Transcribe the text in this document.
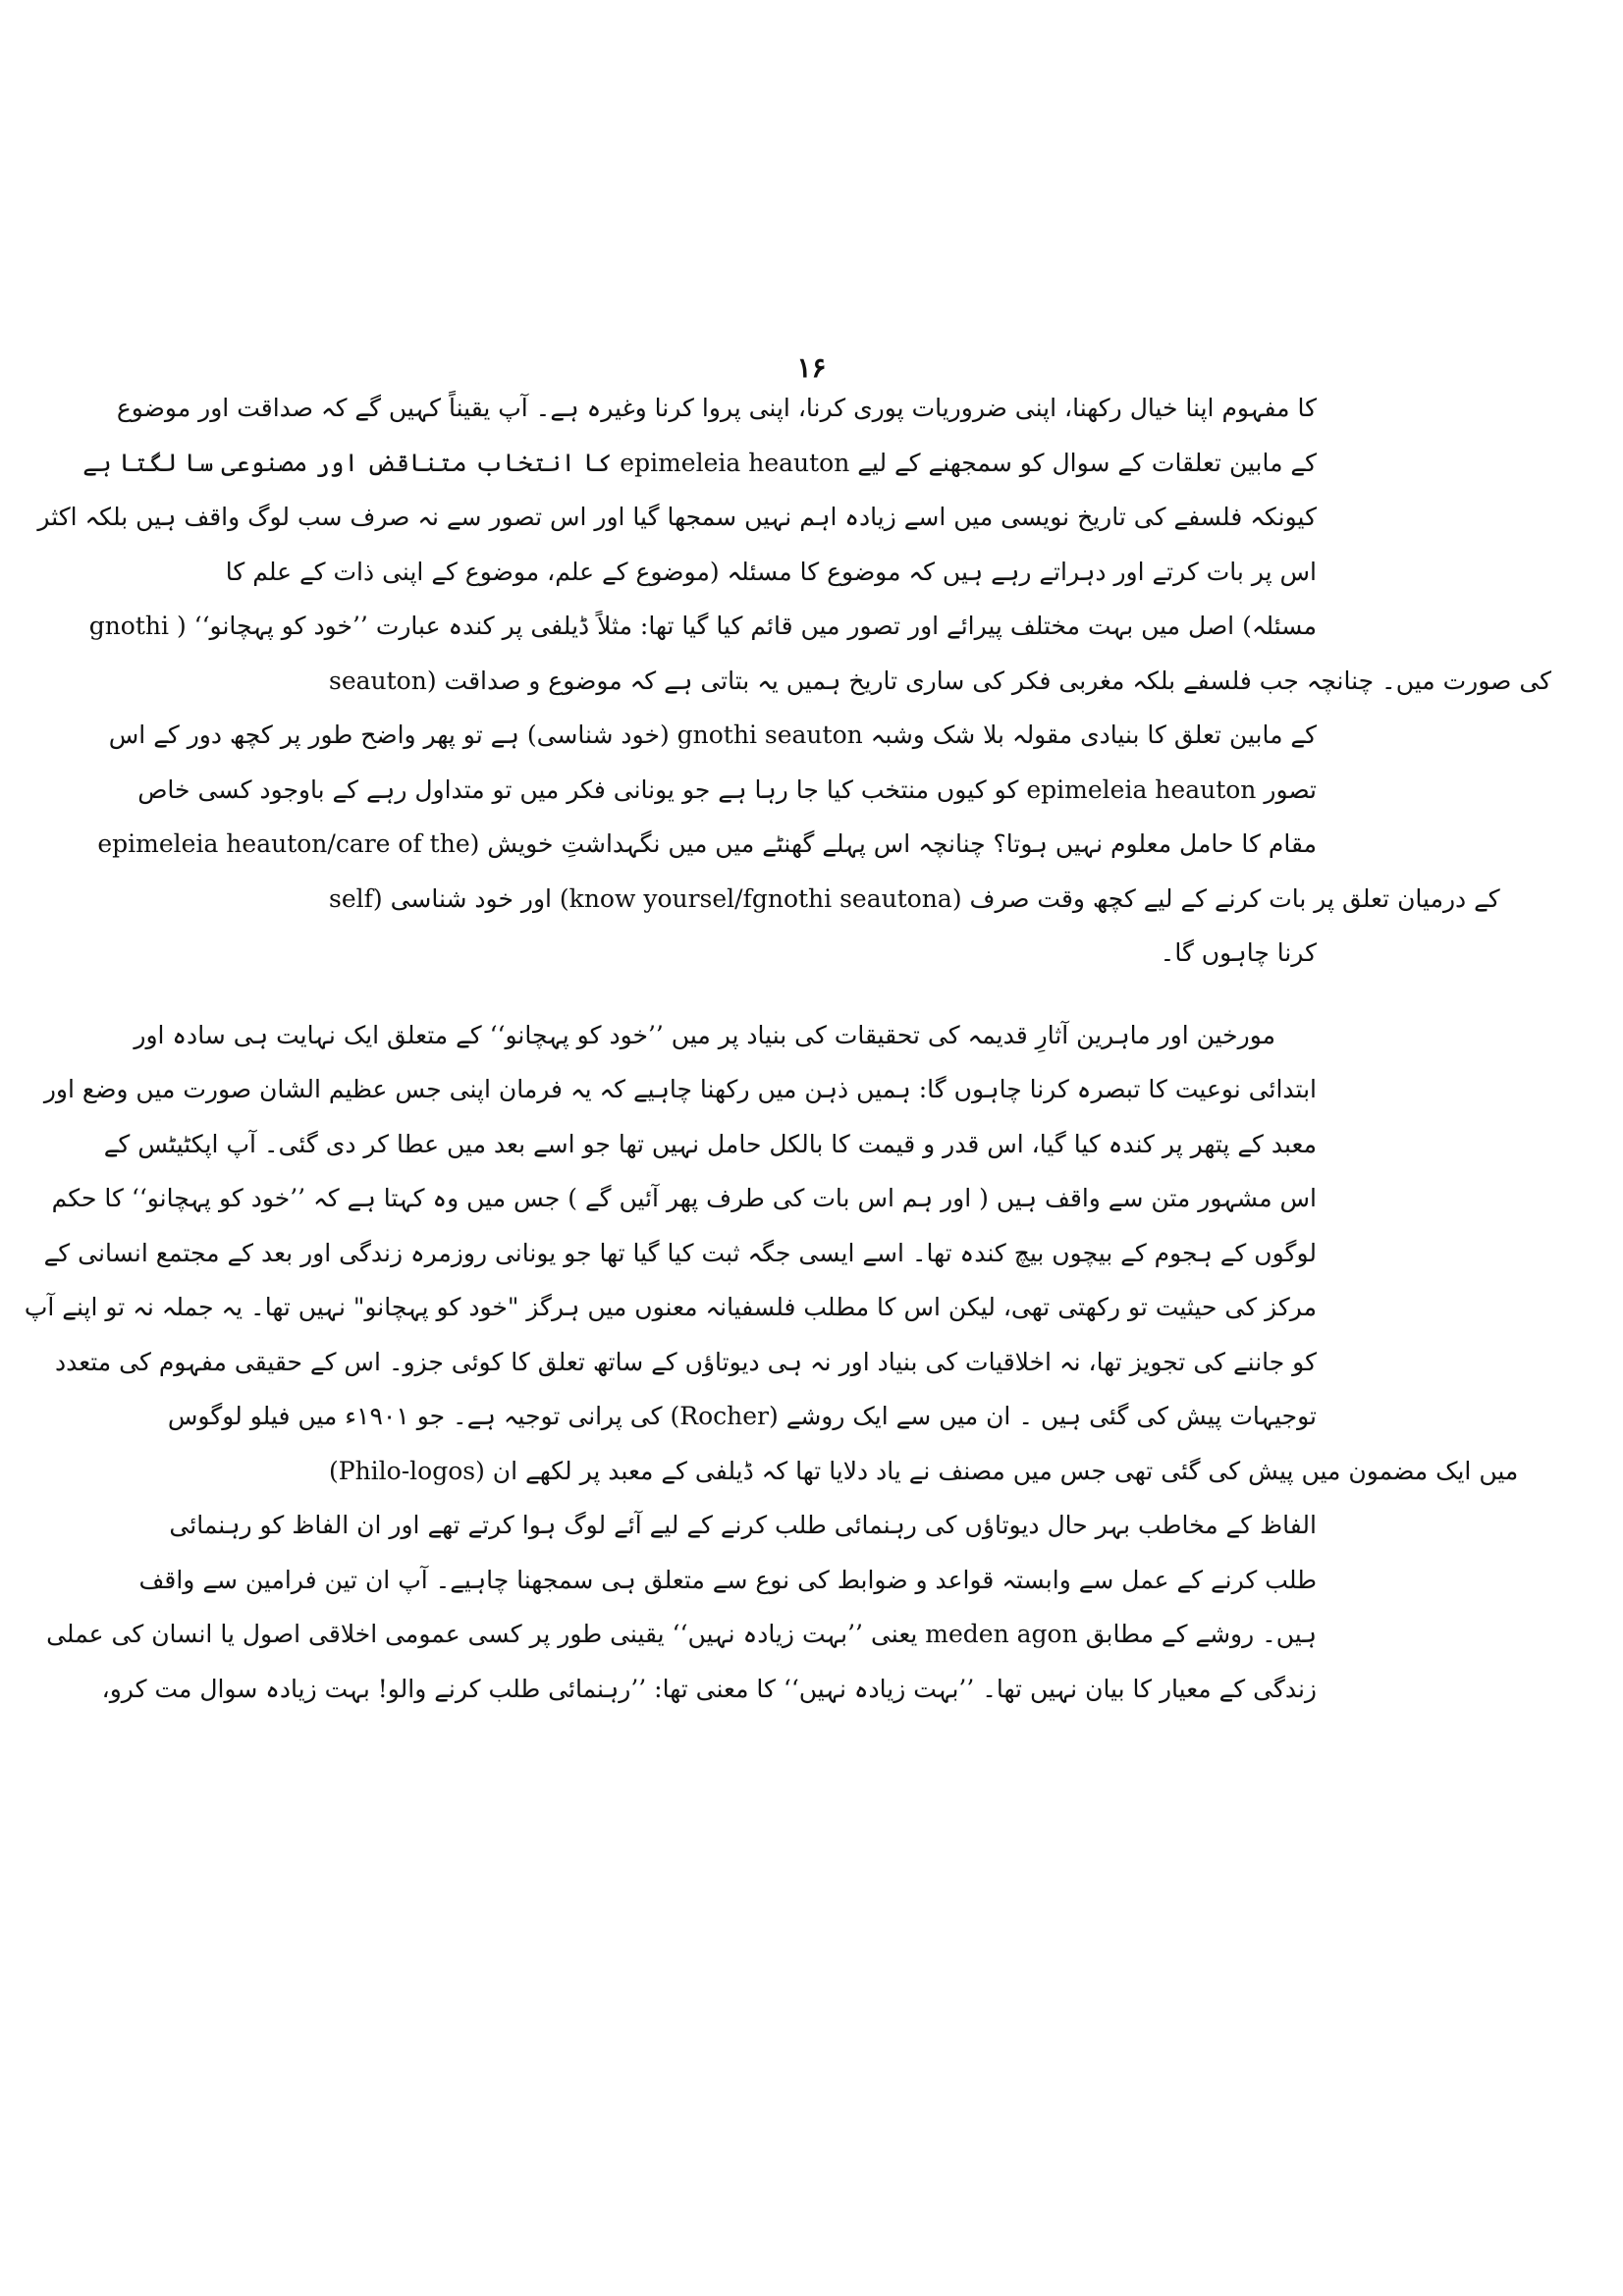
۱۶
کا مفہوم اپنا خیال رکھنا، اپنی ضروریات پوری کرنا، اپنی پروا کرنا وغیرہ ہے۔ آپ یقیناً کہیں گے کہ صداقت اور موضوع
کے مابین تعلقات کے سوال کو سمجھنے کے لیے epimeleia heauton کا انتخاب متناقض اور مصنوعی سا لگتا ہے
کیونکہ فلسفے کی تاریخ نویسی میں اسے زیادہ اہم نہیں سمجھا گیا اور اس تصور سے نہ صرف سب لوگ واقف ہیں بلکہ اکثر
اس پر بات کرتے اور دہراتے رہے ہیں کہ موضوع کا مسئلہ (موضوع کے علم، موضوع کے اپنی ذات کے علم کا
مسئلہ) اصل میں بہت مختلف پیرائے اور تصور میں قائم کیا گیا تھا: مثلاً ڈیلفی پر کندہ عبارت ’’خود کو پہچانو‘‘ ( gnothi
seauton) کی صورت میں۔ چنانچہ جب فلسفے بلکہ مغربی فکر کی ساری تاریخ ہمیں یہ بتاتی ہے کہ موضوع و صداقت
کے مابین تعلق کا بنیادی مقولہ بلا شک وشبہ gnothi seauton (خود شناسی) ہے تو پھر واضح طور پر کچھ دور کے اس
تصور epimeleia heauton کو کیوں منتخب کیا جا رہا ہے جو یونانی فکر میں تو متداول رہے کے باوجود کسی خاص
مقام کا حامل معلوم نہیں ہوتا؟ چنانچہ اس پہلے گھنٹے میں میں نگہداشتِ خویش (epimeleia heauton/care of the
self) اور خود شناسی (know yoursel/fgnothi seautona) کے درمیان تعلق پر بات کرنے کے لیے کچھ وقت صرف
کرنا چاہوں گا۔
مورخین اور ماہرین آثارِ قدیمہ کی تحقیقات کی بنیاد پر میں ’’خود کو پہچانو‘‘ کے متعلق ایک نہایت ہی سادہ اور
ابتدائی نوعیت کا تبصرہ کرنا چاہوں گا: ہمیں ذہن میں رکھنا چاہیے کہ یہ فرمان اپنی جس عظیم الشان صورت میں وضع اور
معبد کے پتھر پر کندہ کیا گیا، اس قدر و قیمت کا بالکل حامل نہیں تھا جو اسے بعد میں عطا کر دی گئی۔ آپ اپکٹیٹس کے
اس مشہور متن سے واقف ہیں ( اور ہم اس بات کی طرف پھر آئیں گے ) جس میں وہ کہتا ہے کہ ’’خود کو پہچانو‘‘ کا حکم
لوگوں کے ہجوم کے بیچوں بیچ کندہ تھا۔ اسے ایسی جگہ ثبت کیا گیا تھا جو یونانی روزمرہ زندگی اور بعد کے مجتمع انسانی کے
مرکز کی حیثیت تو رکھتی تھی، لیکن اس کا مطلب فلسفیانہ معنوں میں ہرگز "خود کو پہچانو" نہیں تھا۔ یہ جملہ نہ تو اپنے آپ
کو جاننے کی تجویز تھا، نہ اخلاقیات کی بنیاد اور نہ ہی دیوتاؤں کے ساتھ تعلق کا کوئی جزو۔ اس کے حقیقی مفہوم کی متعدد
توجیہات پیش کی گئی ہیں ۔ ان میں سے ایک روشے (Rocher) کی پرانی توجیہ ہے۔ جو ۱۹۰۱ء میں فیلو لوگوس
(Philo-logos) میں ایک مضمون میں پیش کی گئی تھی جس میں مصنف نے یاد دلایا تھا کہ ڈیلفی کے معبد پر لکھے ان
الفاظ کے مخاطب بہر حال دیوتاؤں کی رہنمائی طلب کرنے کے لیے آئے لوگ ہوا کرتے تھے اور ان الفاظ کو رہنمائی
طلب کرنے کے عمل سے وابستہ قواعد و ضوابط کی نوع سے متعلق ہی سمجھنا چاہیے۔ آپ ان تین فرامین سے واقف
ہیں۔ روشے کے مطابق meden agon یعنی ’’بہت زیادہ نہیں‘‘ یقینی طور پر کسی عمومی اخلاقی اصول یا انسان کی عملی
زندگی کے معیار کا بیان نہیں تھا۔ ’’بہت زیادہ نہیں‘‘ کا معنی تھا: ’’رہنمائی طلب کرنے والو! بہت زیادہ سوال مت کرو،
